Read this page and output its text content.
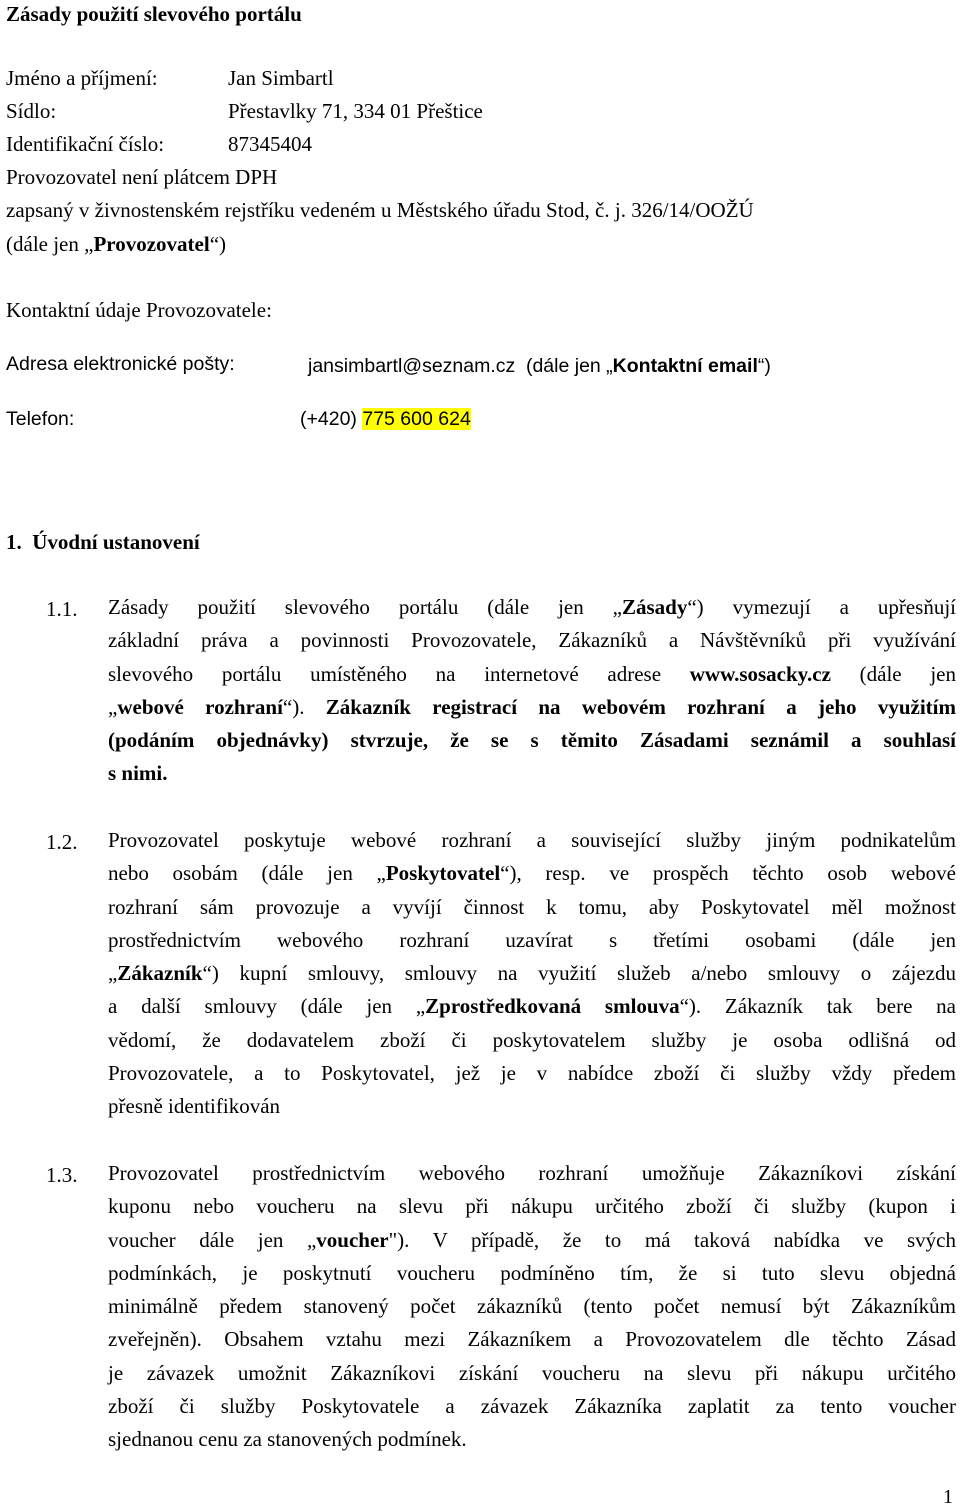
Zásady použití slevového portálu
Jméno a příjmení:	Jan Simbartl
Sídlo:	Přestavlky 71, 334 01 Přeštice
Identifikační číslo:	87345404
Provozovatel není plátcem DPH
zapsaný v živnostenském rejstříku vedeném u Městského úřadu Stod, č. j. 326/14/OOŽÚ
(dále jen „Provozovatel“)
Kontaktní údaje Provozovatele:
Adresa elektronické pošty:	jansimbartl@seznam.cz (dále jen „Kontaktní email“)
Telefon:	(+420) 775 600 624
1.  Úvodní ustanovení
1.1. Zásady použití slevového portálu (dále jen „Zásady“) vymezují a upřesňují
základní práva a povinnosti Provozovatele, Zákazníků a Návštěvníků při využívání
slevového portálu umístěného na internetové adrese www.sosacky.cz (dále jen
„webové rozhraní“). Zákazník registrací na webovém rozhraní a jeho využitím
(podáním objednávky) stvrzuje, že se s těmito Zásadami seznámil a souhlasí
s nimi.
1.2. Provozovatel poskytuje webové rozhraní a související služby jiným podnikatelům
nebo osobám (dále jen „Poskytovatel“), resp. ve prospěch těchto osob webové
rozhraní sám provozuje a vyvíjí činnost k tomu, aby Poskytovatel měl možnost
prostřednictvím webového rozhraní uzavírat s třetími osobami (dále jen
„Zákazník“) kupní smlouvy, smlouvy na využití služeb a/nebo smlouvy o zájezdu
a další smlouvy (dále jen „Zprostředkovaná smlouva“). Zákazník tak bere na
vědomí, že dodavatelem zboží či poskytovatelem služby je osoba odlišná od
Provozovatele, a to Poskytovatel, jež je v nabídce zboží či služby vždy předem
přesně identifikován
1.3. Provozovatel prostřednictvím webového rozhraní umožňuje Zákazníkovi získání
kuponu nebo voucheru na slevu při nákupu určitého zboží či služby (kupon i
voucher dále jen „voucher"). V případě, že to má taková nabídka ve svých
podmínkách, je poskytnutí voucheru podmíněno tím, že si tuto slevu objedná
minimálně předem stanovený počet zákazníků (tento počet nemusí být Zákazníkům
zveřejněn). Obsahem vztahu mezi Zákazníkem a Provozovatelem dle těchto Zásad
je závazek umožnit Zákazníkovi získání voucheru na slevu při nákupu určitého
zboží či služby Poskytovatele a závazek Zákazníka zaplatit za tento voucher
sjednanou cenu za stanovených podmínek.
1
